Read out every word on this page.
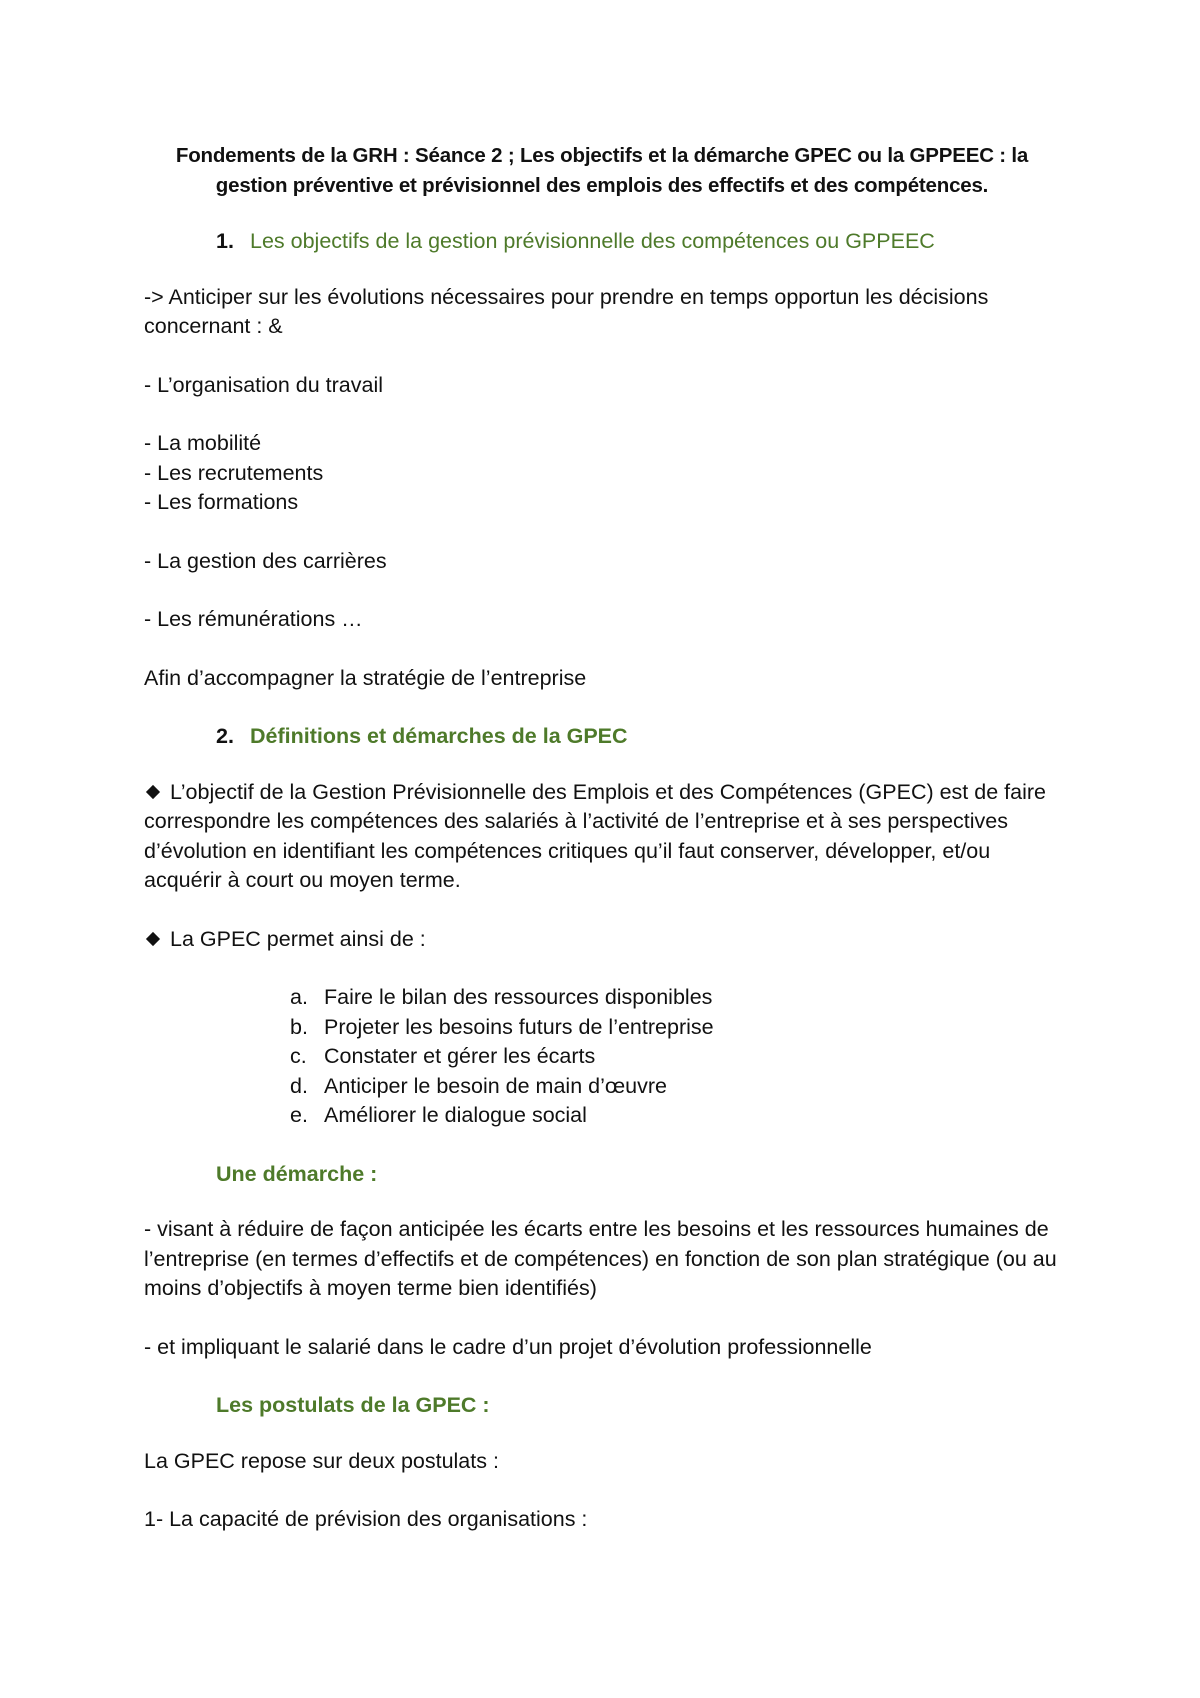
Fondements de la GRH : Séance 2 ; Les objectifs et la démarche GPEC ou la GPPEEC : la
gestion préventive et prévisionnel des emplois des effectifs et des compétences.
1. Les objectifs de la gestion prévisionnelle des compétences ou GPPEEC
-> Anticiper sur les évolutions nécessaires pour prendre en temps opportun les décisions concernant : &
- L’organisation du travail
- La mobilité
- Les recrutements
- Les formations
- La gestion des carrières
- Les rémunérations …
Afin d’accompagner la stratégie de l’entreprise
2. Définitions et démarches de la GPEC
L’objectif de la Gestion Prévisionnelle des Emplois et des Compétences (GPEC) est de faire correspondre les compétences des salariés à l’activité de l’entreprise et à ses perspectives d’évolution en identifiant les compétences critiques qu’il faut conserver, développer, et/ou acquérir à court ou moyen terme.
La GPEC permet ainsi de :
a. Faire le bilan des ressources disponibles
b. Projeter les besoins futurs de l’entreprise
c. Constater et gérer les écarts
d. Anticiper le besoin de main d’œuvre
e. Améliorer le dialogue social
Une démarche :
- visant à réduire de façon anticipée les écarts entre les besoins et les ressources humaines de l’entreprise (en termes d’effectifs et de compétences) en fonction de son plan stratégique (ou au moins d’objectifs à moyen terme bien identifiés)
- et impliquant le salarié dans le cadre d’un projet d’évolution professionnelle
Les postulats de la GPEC :
La GPEC repose sur deux postulats :
1- La capacité de prévision des organisations :
